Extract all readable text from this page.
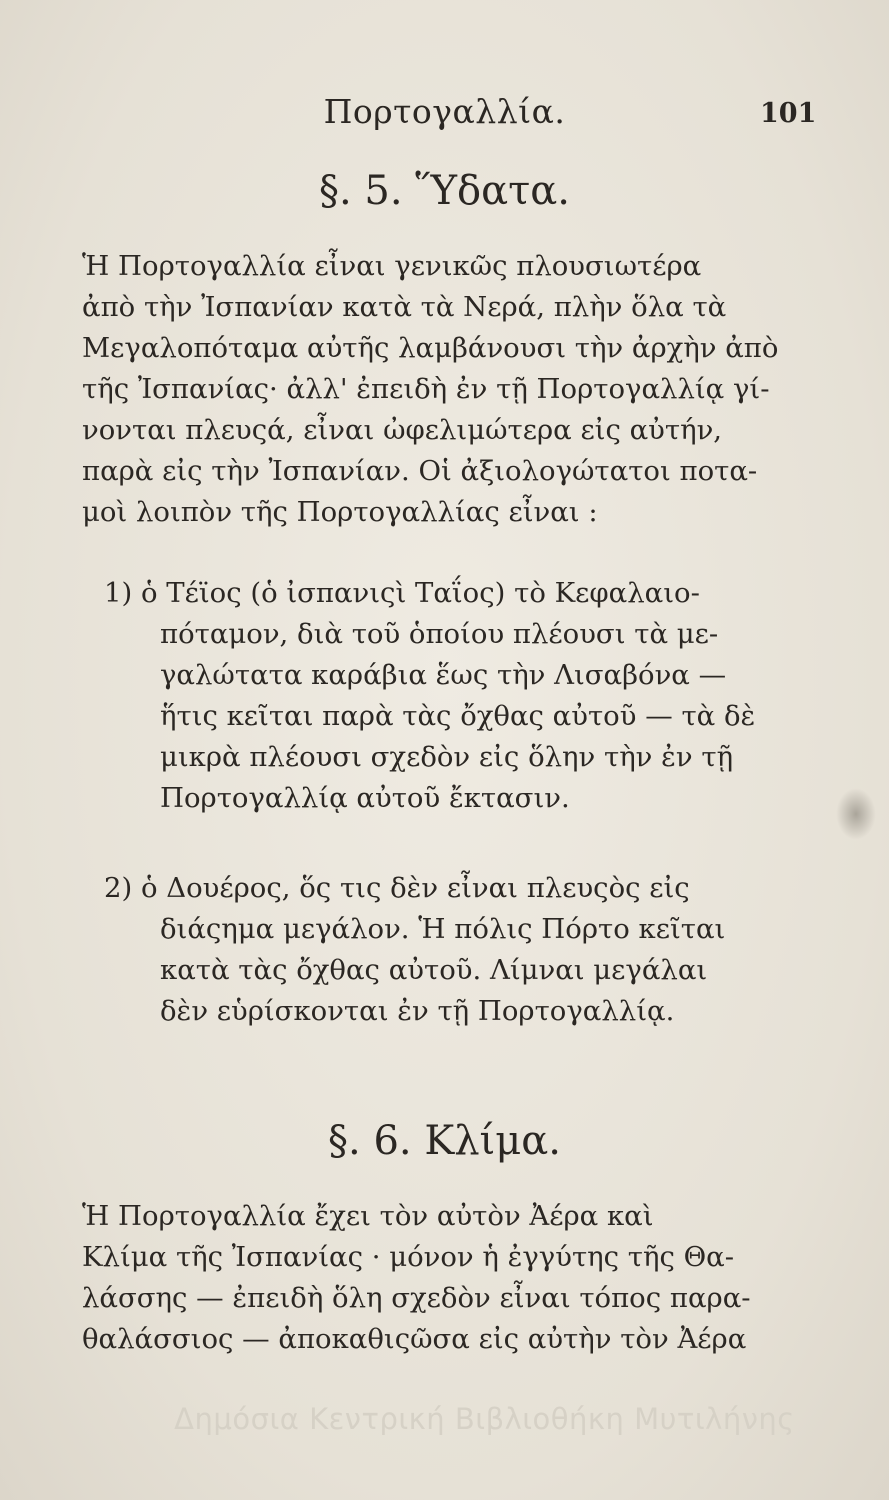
Πορτογαλλία.	101
§. 5. Ὕδατα.
Ἡ Πορτογαλλία εἶναι γενικῶς πλουσιωτέρα
ἀπὸ τὴν Ἰσπανίαν κατὰ τὰ Νερά, πλὴν ὅλα τὰ
Μεγαλοπόταμα αὐτῆς λαμβάνουσι τὴν ἀρχὴν ἀπὸ
τῆς Ἰσπανίας· ἀλλ' ἐπειδὴ ἐν τῇ Πορτογαλλίᾳ γί-
νονται πλευςά, εἶναι ὠφελιμώτερα εἰς αὐτήν,
παρὰ εἰς τὴν Ἰσπανίαν. Οἱ ἀξιολογώτατοι ποτα-
μοὶ λοιπὸν τῆς Πορτογαλλίας εἶναι :
1) ὁ Τέϊος (ὁ ἰσπανιςὶ Ταΐος) τὸ Κεφαλαιο-
πόταμον, διὰ τοῦ ὁποίου πλέουσι τὰ με-
γαλώτατα καράβια ἕως τὴν Λισαβόνα —
ἥτις κεῖται παρὰ τὰς ὄχθας αὐτοῦ — τὰ δὲ
μικρὰ πλέουσι σχεδὸν εἰς ὅλην τὴν ἐν τῇ
Πορτογαλλίᾳ αὐτοῦ ἔκτασιν.
2) ὁ Δουέρος, ὅς τις δὲν εἶναι πλευςὸς εἰς
διάςημα μεγάλον. Ἡ πόλις Πόρτο κεῖται
κατὰ τὰς ὄχθας αὐτοῦ. Λίμναι μεγάλαι
δὲν εὑρίσκονται ἐν τῇ Πορτογαλλίᾳ.
§. 6. Κλίμα.
Ἡ Πορτογαλλία ἔχει τὸν αὐτὸν Ἀέρα καὶ
Κλίμα τῆς Ἰσπανίας · μόνον ἡ ἐγγύτης τῆς Θα-
λάσσης — ἐπειδὴ ὅλη σχεδὸν εἶναι τόπος παρα-
θαλάσσιος — ἀποκαθιςῶσα εἰς αὐτὴν τὸν Ἀέρα
Δημόσια Κεντρική Βιβλιοθήκη Μυτιλήνης
